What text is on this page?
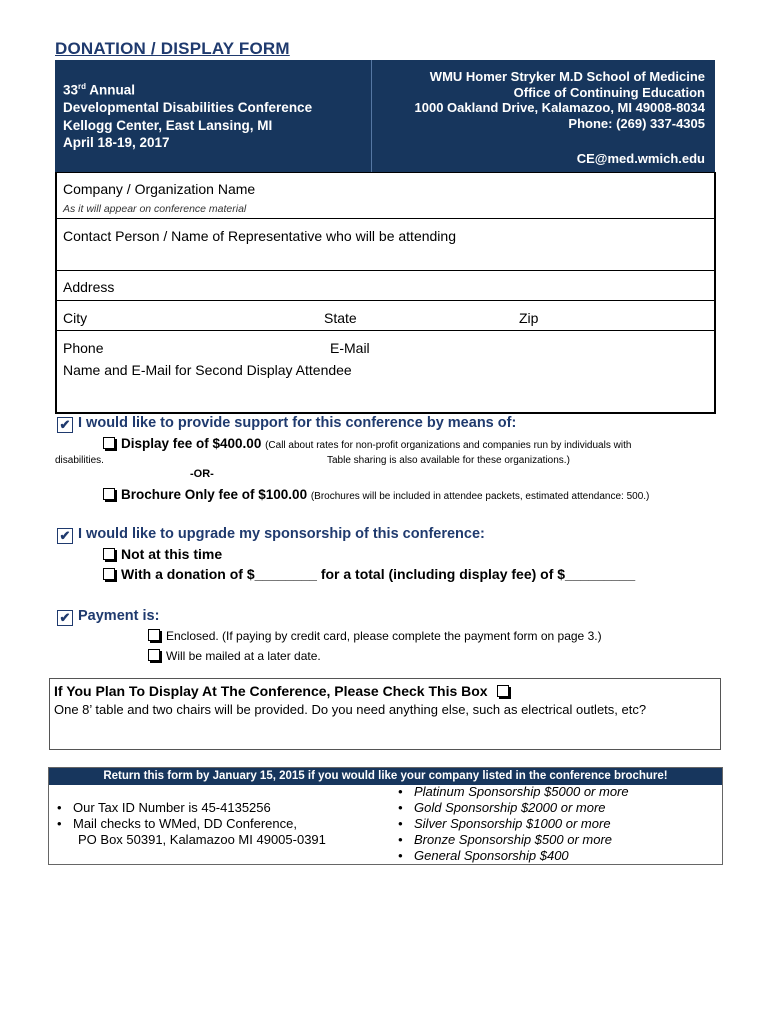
DONATION / DISPLAY FORM
33rd Annual
Developmental Disabilities Conference
Kellogg Center, East Lansing, MI
April 18-19, 2017
WMU Homer Stryker M.D School of Medicine
Office of Continuing Education
1000 Oakland Drive, Kalamazoo, MI 49008-8034
Phone: (269) 337-4305
CE@med.wmich.edu
Company / Organization Name
As it will appear on conference material
Contact Person / Name of Representative who will be attending
Address
City	State	Zip
Phone	E-Mail
Name and E-Mail for Second Display Attendee
✔ I would like to provide support for this conference by means of:
Display fee of $400.00 (Call about rates for non-profit organizations and companies run by individuals with
disabilities.	Table sharing is also available for these organizations.)
-OR-
Brochure Only fee of $100.00 (Brochures will be included in attendee packets, estimated attendance: 500.)
✔ I would like to upgrade my sponsorship of this conference:
Not at this time
With a donation of $________ for a total (including display fee) of $_________
✔ Payment is:
Enclosed. (If paying by credit card, please complete the payment form on page 3.)
Will be mailed at a later date.
If You Plan To Display At The Conference, Please Check This Box
One 8’ table and two chairs will be provided. Do you need anything else, such as electrical outlets, etc?
Return this form by January 15, 2015 if you would like your company listed in the conference brochure!
• Our Tax ID Number is 45-4135256
• Mail checks to WMed, DD Conference,
PO Box 50391, Kalamazoo MI 49005-0391
• Platinum Sponsorship $5000 or more
• Gold Sponsorship $2000 or more
• Silver Sponsorship $1000 or more
• Bronze Sponsorship $500 or more
• General Sponsorship $400
